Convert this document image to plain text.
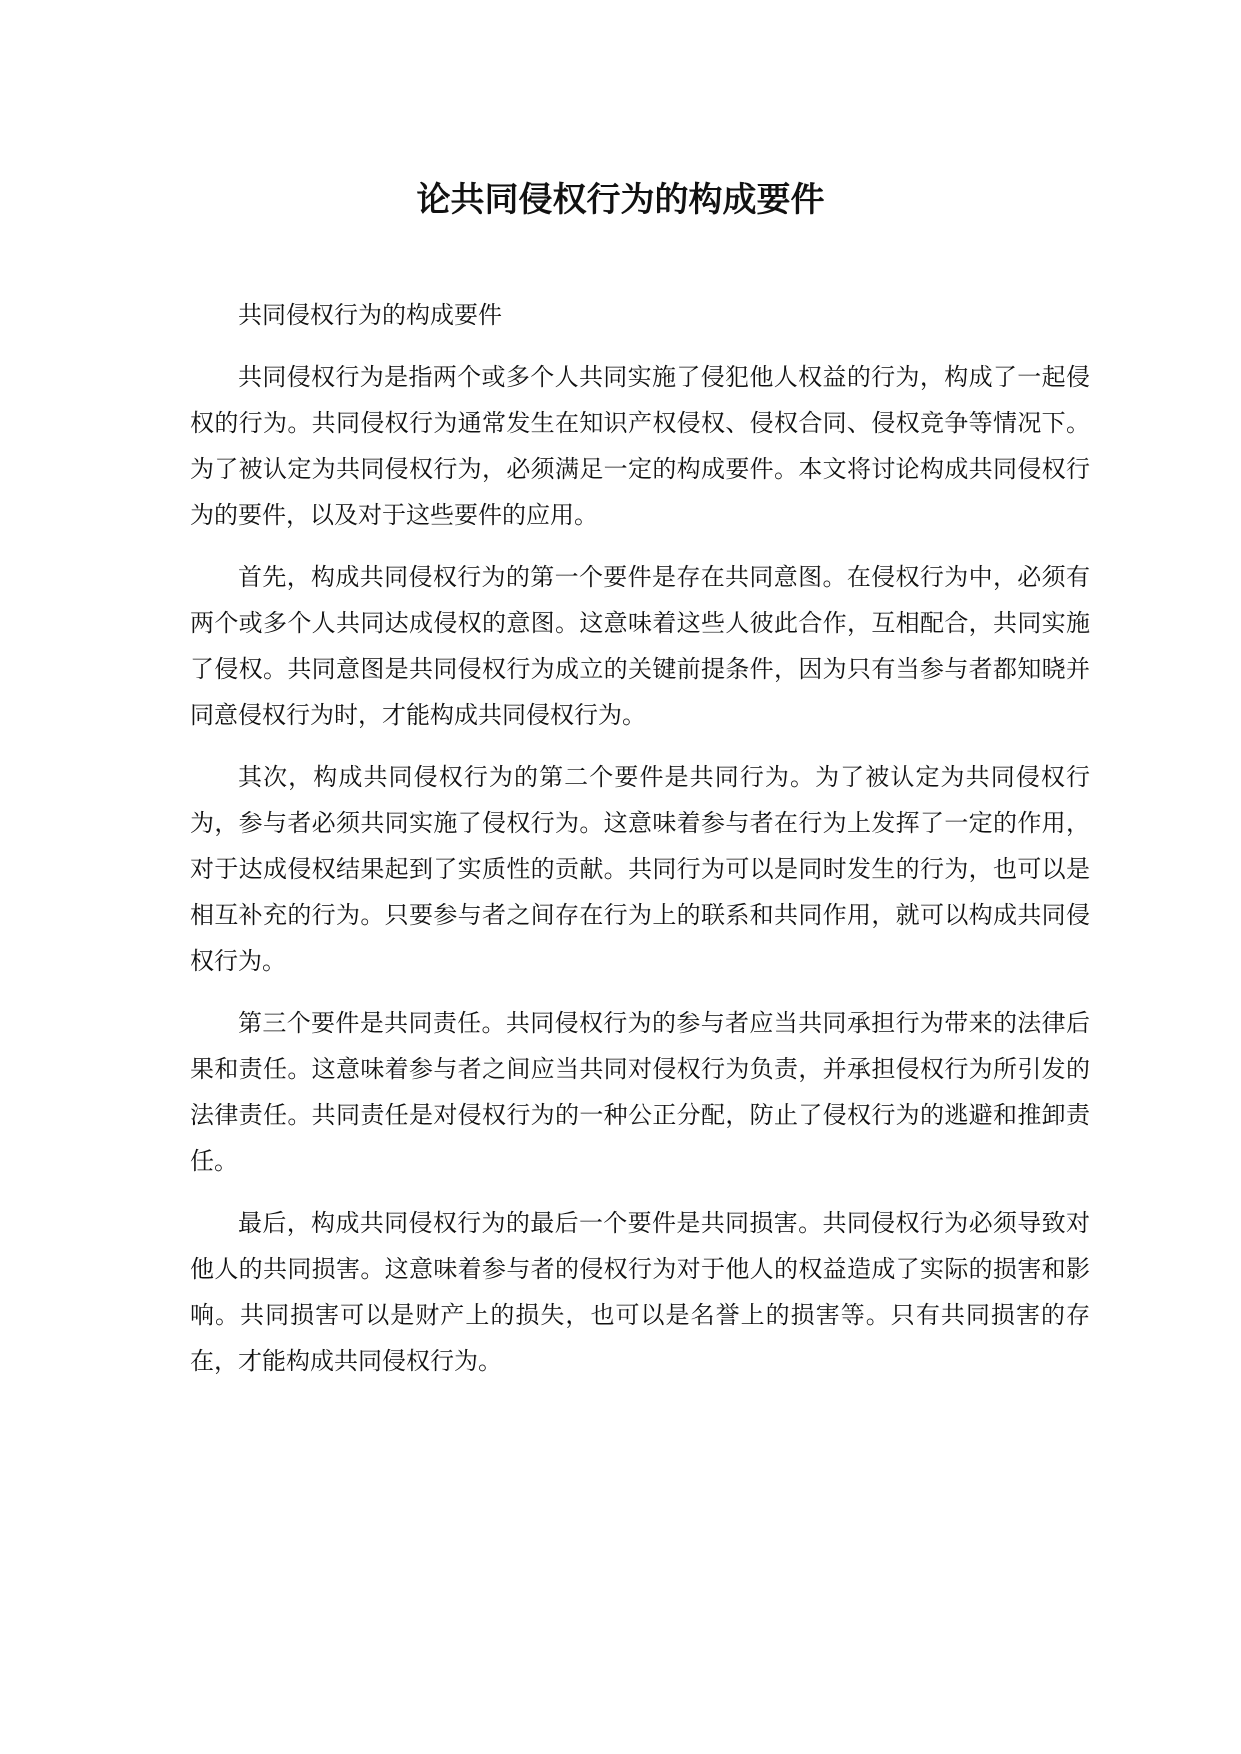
论共同侵权行为的构成要件

共同侵权行为的构成要件

共同侵权行为是指两个或多个人共同实施了侵犯他人权益的行为，构成了一起侵权的行为。共同侵权行为通常发生在知识产权侵权、侵权合同、侵权竞争等情况下。为了被认定为共同侵权行为，必须满足一定的构成要件。本文将讨论构成共同侵权行为的要件，以及对于这些要件的应用。

首先，构成共同侵权行为的第一个要件是存在共同意图。在侵权行为中，必须有两个或多个人共同达成侵权的意图。这意味着这些人彼此合作，互相配合，共同实施了侵权。共同意图是共同侵权行为成立的关键前提条件，因为只有当参与者都知晓并同意侵权行为时，才能构成共同侵权行为。

其次，构成共同侵权行为的第二个要件是共同行为。为了被认定为共同侵权行为，参与者必须共同实施了侵权行为。这意味着参与者在行为上发挥了一定的作用，对于达成侵权结果起到了实质性的贡献。共同行为可以是同时发生的行为，也可以是相互补充的行为。只要参与者之间存在行为上的联系和共同作用，就可以构成共同侵权行为。

第三个要件是共同责任。共同侵权行为的参与者应当共同承担行为带来的法律后果和责任。这意味着参与者之间应当共同对侵权行为负责，并承担侵权行为所引发的法律责任。共同责任是对侵权行为的一种公正分配，防止了侵权行为的逃避和推卸责任。

最后，构成共同侵权行为的最后一个要件是共同损害。共同侵权行为必须导致对他人的共同损害。这意味着参与者的侵权行为对于他人的权益造成了实际的损害和影响。共同损害可以是财产上的损失，也可以是名誉上的损害等。只有共同损害的存在，才能构成共同侵权行为。
